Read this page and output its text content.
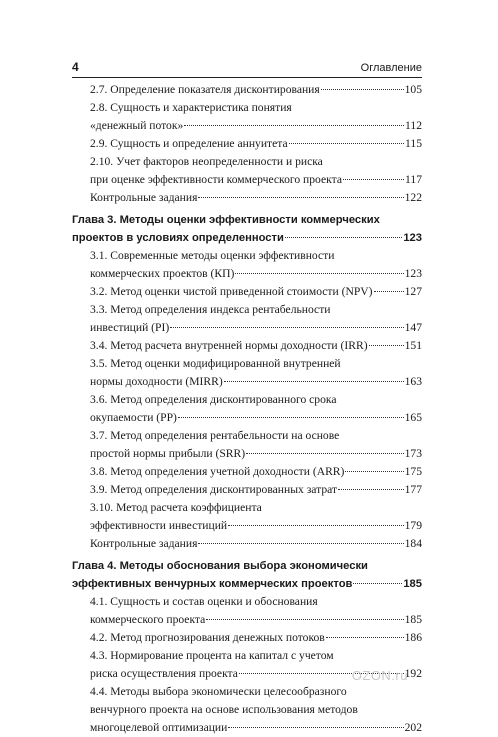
4	Оглавление
2.7. Определение показателя дисконтирования	105
2.8. Сущность и характеристика понятия
«денежный поток»	112
2.9. Сущность и определение аннуитета	115
2.10. Учет факторов неопределенности и риска
при оценке эффективности коммерческого проекта	117
Контрольные задания	122
Глава 3. Методы оценки эффективности коммерческих
проектов в условиях определенности	123
3.1. Современные методы оценки эффективности
коммерческих проектов (КП)	123
3.2. Метод оценки чистой приведенной стоимости (NPV)	127
3.3. Метод определения индекса рентабельности
инвестиций (PI)	147
3.4. Метод расчета внутренней нормы доходности (IRR)	151
3.5. Метод оценки модифицированной внутренней
нормы доходности (MIRR)	163
3.6. Метод определения дисконтированного срока
окупаемости (PP)	165
3.7. Метод определения рентабельности на основе
простой нормы прибыли (SRR)	173
3.8. Метод определения учетной доходности (ARR)	175
3.9. Метод определения дисконтированных затрат	177
3.10. Метод расчета коэффициента
эффективности инвестиций	179
Контрольные задания	184
Глава 4. Методы обоснования выбора экономически
эффективных венчурных коммерческих проектов	185
4.1. Сущность и состав оценки и обоснования
коммерческого проекта	185
4.2. Метод прогнозирования денежных потоков	186
4.3. Нормирование процента на капитал с учетом
риска осуществления проекта	192
4.4. Методы выбора экономически целесообразного
венчурного проекта на основе использования методов
многоцелевой оптимизации	202
OZON.ru
